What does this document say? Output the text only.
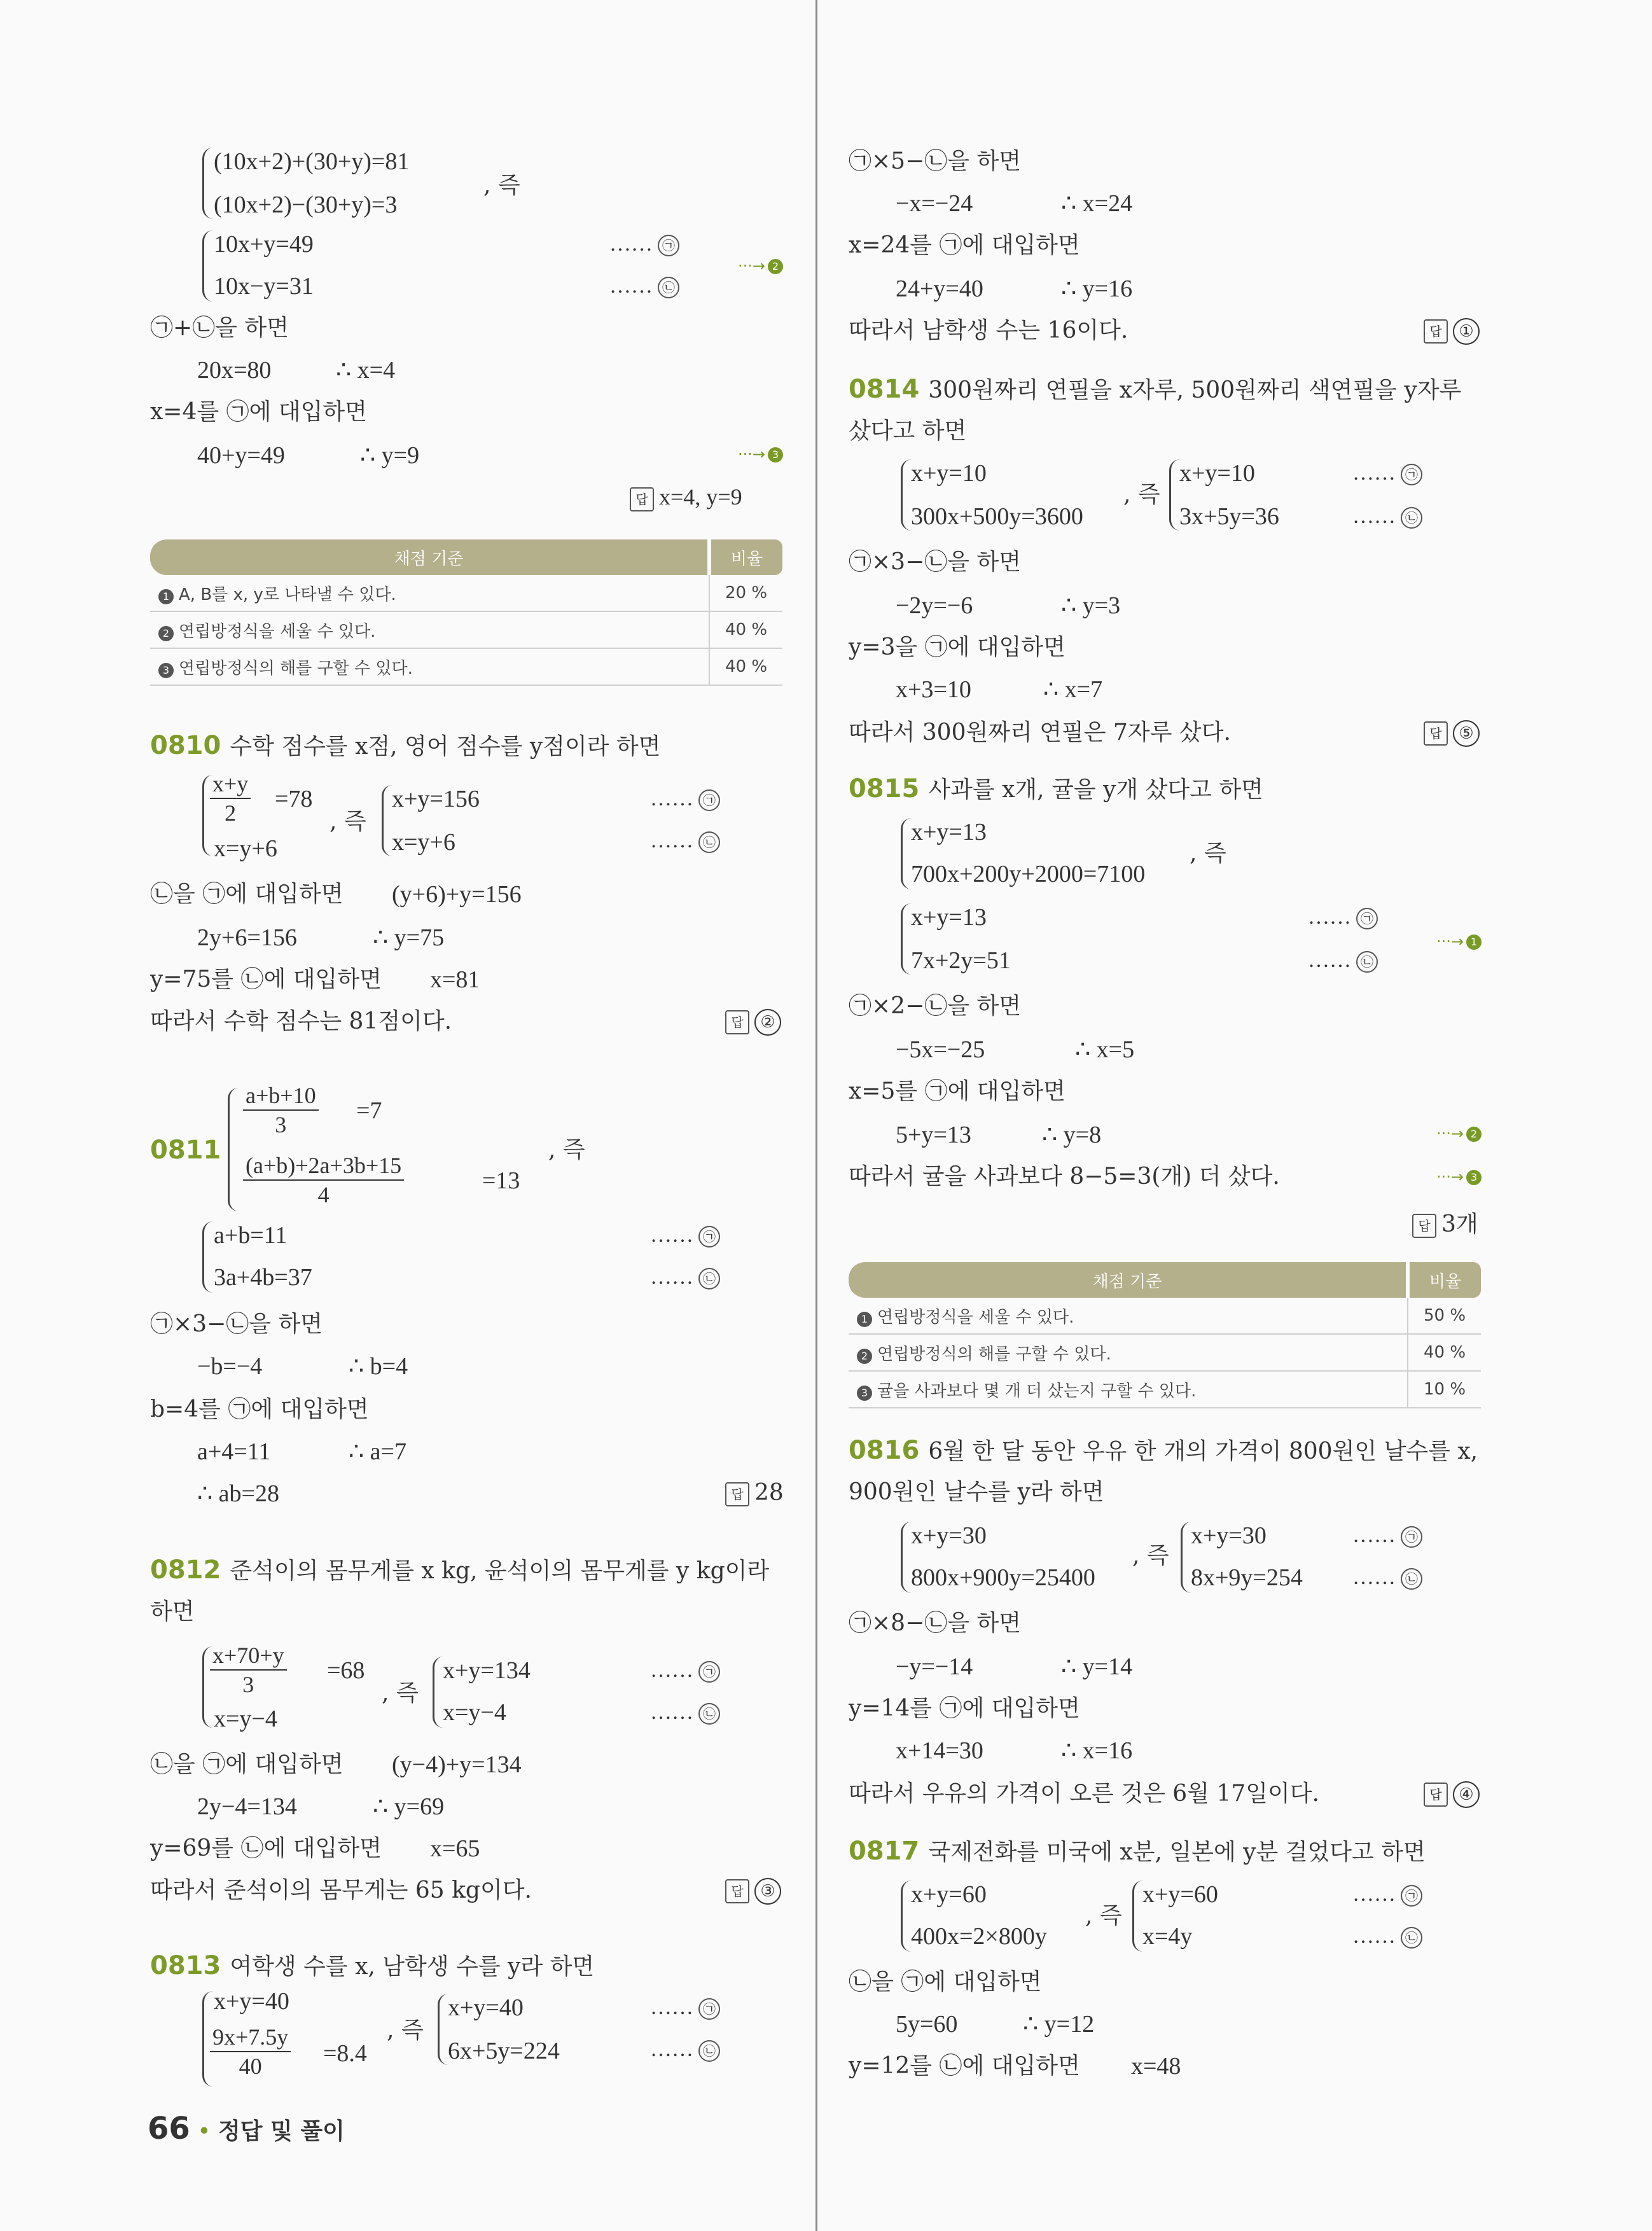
(10x+2)+(30+y)=81
(10x+2)−(30+y)=3
, 즉
10x+y=49
10x−y=31
…… ㉠
…… ㉡
···→ 2
㉠+㉡을 하면
20x=80	∴ x=4
x=4를 ㉠에 대입하면
40+y=49	∴ y=9	···→ 3
답 x=4, y=9
채점 기준	비율
1 A, B를 x, y로 나타낼 수 있다.	20 %
2 연립방정식을 세울 수 있다.	40 %
3 연립방정식의 해를 구할 수 있다.	40 %
0810 수학 점수를 x점, 영어 점수를 y점이라 하면
$\frac{x+y}{2} =78$
x=y+6
, 즉
x+y=156
x=y+6
…… ㉠
…… ㉡
㉡을 ㉠에 대입하면 (y+6)+y=156
2y+6=156	∴ y=75
y=75를 ㉡에 대입하면 x=81
따라서 수학 점수는 81점이다.	답 ②
0811
$\frac{a+b+10}{3} =7$
$\frac{(a+b)+2a+3b+15}{4}$	=13
, 즉
a+b=11
3a+4b=37
…… ㉠
…… ㉡
㉠×3−㉡을 하면
−b=−4	∴ b=4
b=4를 ㉠에 대입하면
a+4=11	∴ a=7
∴ ab=28	답 28
0812 준석이의 몸무게를 x kg, 윤석이의 몸무게를 y kg이라
하면
$\frac{x+70+y}{3} =68$
x=y−4
, 즉
x+y=134
x=y−4
…… ㉠
…… ㉡
㉡을 ㉠에 대입하면 (y−4)+y=134
2y−4=134	∴ y=69
y=69를 ㉡에 대입하면 x=65
따라서 준석이의 몸무게는 65 kg이다.	답 ③
0813 여학생 수를 x, 남학생 수를 y라 하면
x+y=40
$\frac{9x+7.5y}{40} =8.4$
, 즉
x+y=40
6x+5y=224
…… ㉠
…… ㉡
㉠×5−㉡을 하면
−x=−24	∴ x=24
x=24를 ㉠에 대입하면
24+y=40	∴ y=16
따라서 남학생 수는 16이다.	답 ①
0814 300원짜리 연필을 x자루, 500원짜리 색연필을 y자루
샀다고 하면
x+y=10
300x+500y=3600
, 즉
x+y=10
3x+5y=36
…… ㉠
…… ㉡
㉠×3−㉡을 하면
−2y=−6	∴ y=3
y=3을 ㉠에 대입하면
x+3=10	∴ x=7
따라서 300원짜리 연필은 7자루 샀다.	답 ⑤
0815 사과를 x개, 귤을 y개 샀다고 하면
x+y=13
700x+200y+2000=7100
, 즉
x+y=13
7x+2y=51
…… ㉠
…… ㉡
···→ 1
㉠×2−㉡을 하면
−5x=−25	∴ x=5
x=5를 ㉠에 대입하면
5+y=13	∴ y=8	···→ 2
따라서 귤을 사과보다 8−5=3(개) 더 샀다.	···→ 3
답 3개
채점 기준	비율
1 연립방정식을 세울 수 있다.	50 %
2 연립방정식의 해를 구할 수 있다.	40 %
3 귤을 사과보다 몇 개 더 샀는지 구할 수 있다.	10 %
0816 6월 한 달 동안 우유 한 개의 가격이 800원인 날수를 x,
900원인 날수를 y라 하면
x+y=30
800x+900y=25400
, 즉
x+y=30
8x+9y=254
…… ㉠
…… ㉡
㉠×8−㉡을 하면
−y=−14	∴ y=14
y=14를 ㉠에 대입하면
x+14=30	∴ x=16
따라서 우유의 가격이 오른 것은 6월 17일이다.	답 ④
0817 국제전화를 미국에 x분, 일본에 y분 걸었다고 하면
x+y=60
400x=2×800y
, 즉
x+y=60
x=4y
…… ㉠
…… ㉡
㉡을 ㉠에 대입하면
5y=60	∴ y=12
y=12를 ㉡에 대입하면 x=48
66 • 정답 및 풀이
